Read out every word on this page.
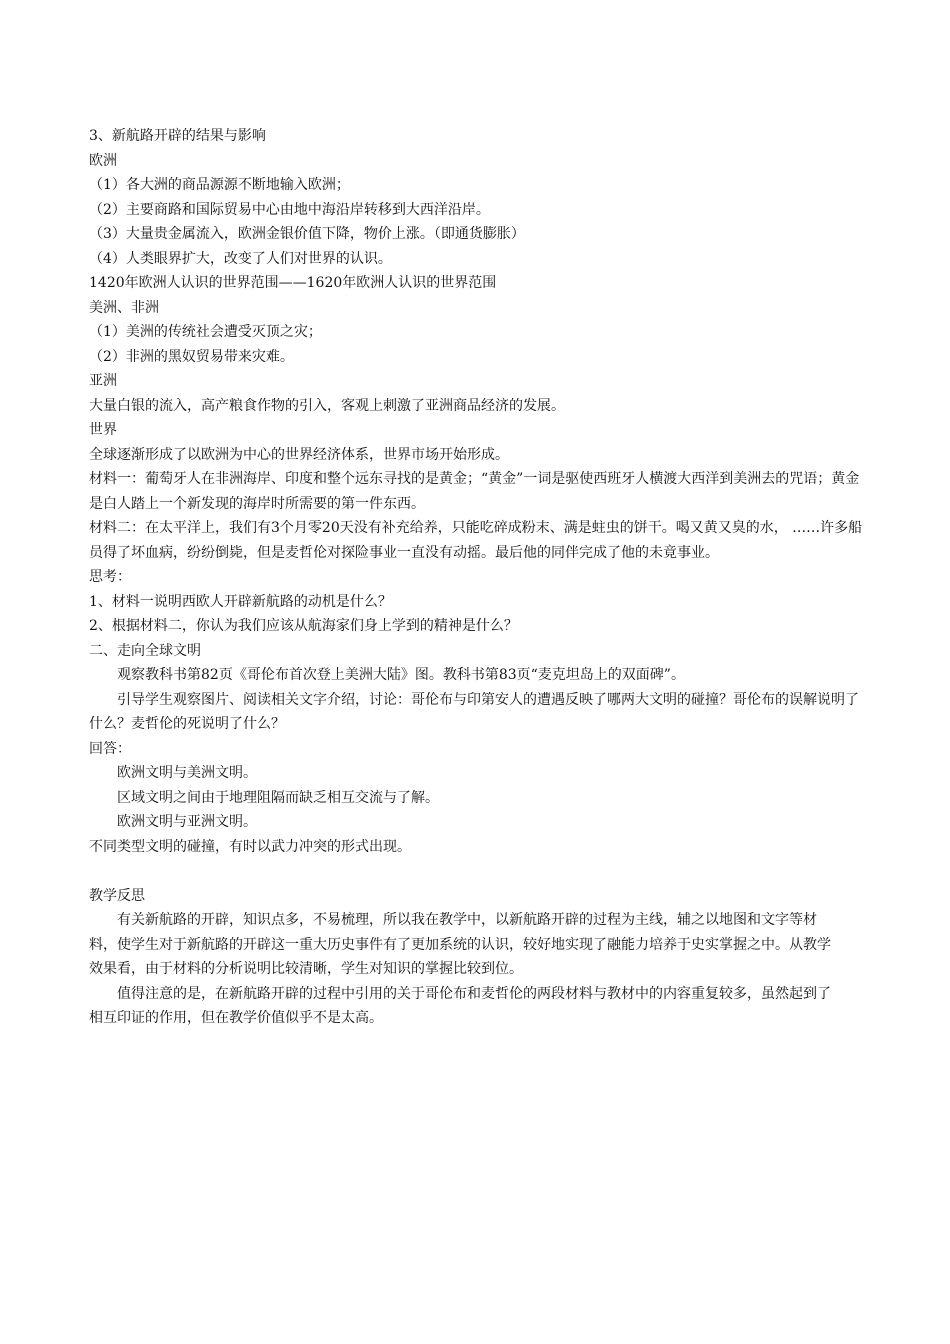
3、新航路开辟的结果与影响

欧洲

（1）各大洲的商品源源不断地输入欧洲；

（2）主要商路和国际贸易中心由地中海沿岸转移到大西洋沿岸。

（3）大量贵金属流入，欧洲金银价值下降，物价上涨。（即通货膨胀）

（4）人类眼界扩大，改变了人们对世界的认识。

1420年欧洲人认识的世界范围——1620年欧洲人认识的世界范围

美洲、非洲

（1）美洲的传统社会遭受灭顶之灾；

（2）非洲的黑奴贸易带来灾难。

亚洲

大量白银的流入，高产粮食作物的引入，客观上刺激了亚洲商品经济的发展。

世界

全球逐渐形成了以欧洲为中心的世界经济体系，世界市场开始形成。

材料一：葡萄牙人在非洲海岸、印度和整个远东寻找的是黄金；“黄金”一词是驱使西班牙人横渡大西洋到美洲去的咒语；黄金是白人踏上一个新发现的海岸时所需要的第一件东西。

材料二：在太平洋上，我们有3个月零20天没有补充给养，只能吃碎成粉末、满是蛀虫的饼干。喝又黄又臭的水， ……许多船员得了坏血病，纷纷倒毙，但是麦哲伦对探险事业一直没有动摇。最后他的同伴完成了他的未竟事业。

思考：

1、材料一说明西欧人开辟新航路的动机是什么？

2、根据材料二，你认为我们应该从航海家们身上学到的精神是什么？

二、走向全球文明

观察教科书第82页《哥伦布首次登上美洲大陆》图。教科书第83页“麦克坦岛上的双面碑”。

引导学生观察图片、阅读相关文字介绍，讨论：哥伦布与印第安人的遭遇反映了哪两大文明的碰撞？哥伦布的误解说明了什么？麦哲伦的死说明了什么？

回答：

欧洲文明与美洲文明。

区域文明之间由于地理阻隔而缺乏相互交流与了解。

欧洲文明与亚洲文明。

不同类型文明的碰撞，有时以武力冲突的形式出现。

教学反思

有关新航路的开辟，知识点多，不易梳理，所以我在教学中，以新航路开辟的过程为主线，辅之以地图和文字等材料，使学生对于新航路的开辟这一重大历史事件有了更加系统的认识，较好地实现了融能力培养于史实掌握之中。从教学效果看，由于材料的分析说明比较清晰，学生对知识的掌握比较到位。

值得注意的是，在新航路开辟的过程中引用的关于哥伦布和麦哲伦的两段材料与教材中的内容重复较多，虽然起到了相互印证的作用，但在教学价值似乎不是太高。
